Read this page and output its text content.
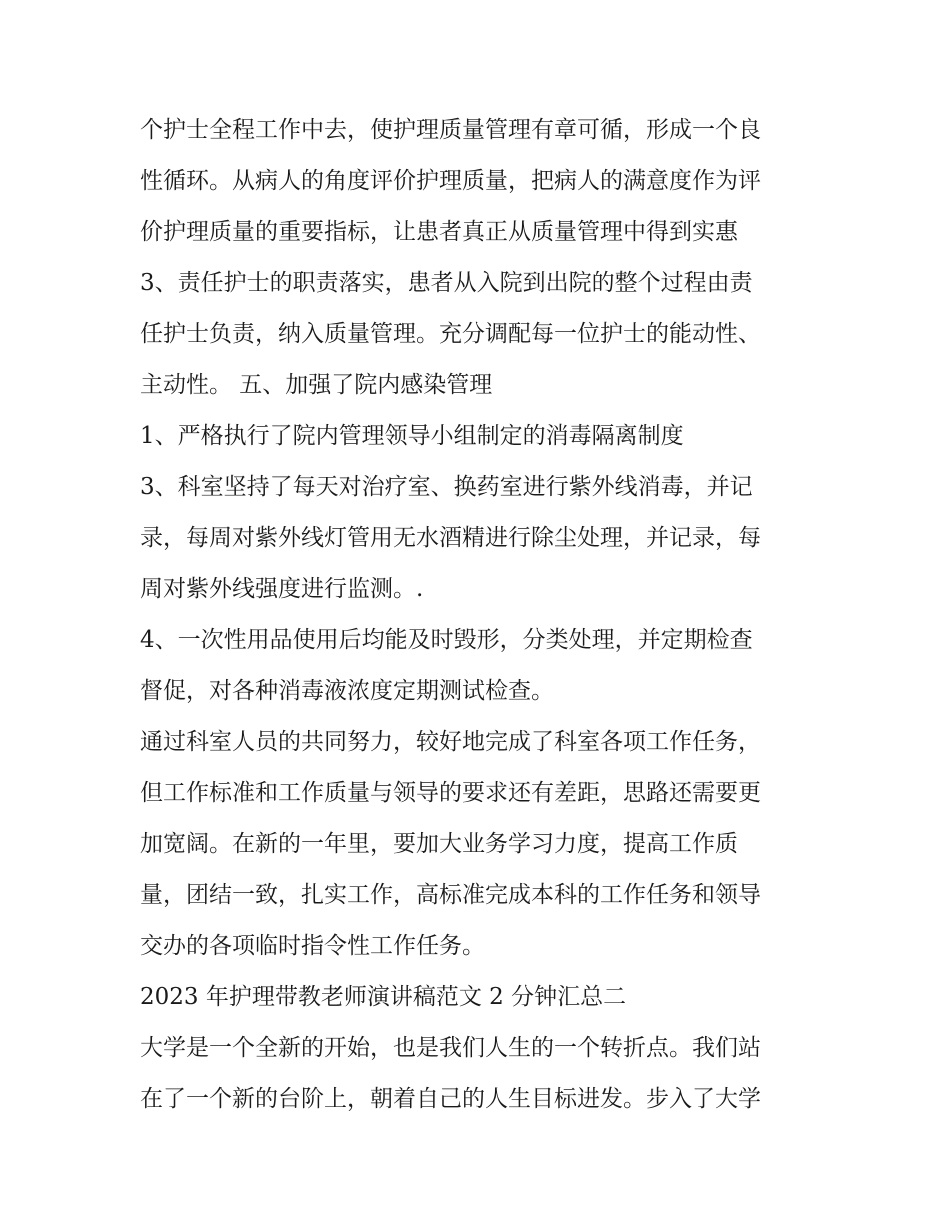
个护士全程工作中去，使护理质量管理有章可循，形成一个良
性循环。从病人的角度评价护理质量，把病人的满意度作为评
价护理质量的重要指标，让患者真正从质量管理中得到实惠
3、责任护士的职责落实，患者从入院到出院的整个过程由责
任护士负责，纳入质量管理。充分调配每一位护士的能动性、
主动性。 五、加强了院内感染管理
1、严格执行了院内管理领导小组制定的消毒隔离制度
3、科室坚持了每天对治疗室、换药室进行紫外线消毒，并记
录，每周对紫外线灯管用无水酒精进行除尘处理，并记录，每
周对紫外线强度进行监测。.
4、一次性用品使用后均能及时毁形，分类处理，并定期检查
督促，对各种消毒液浓度定期测试检查。
通过科室人员的共同努力，较好地完成了科室各项工作任务，
但工作标准和工作质量与领导的要求还有差距，思路还需要更
加宽阔。在新的一年里，要加大业务学习力度，提高工作质
量，团结一致，扎实工作，高标准完成本科的工作任务和领导
交办的各项临时指令性工作任务。
2023 年护理带教老师演讲稿范文 2 分钟汇总二
大学是一个全新的开始，也是我们人生的一个转折点。我们站
在了一个新的台阶上，朝着自己的人生目标进发。步入了大学
